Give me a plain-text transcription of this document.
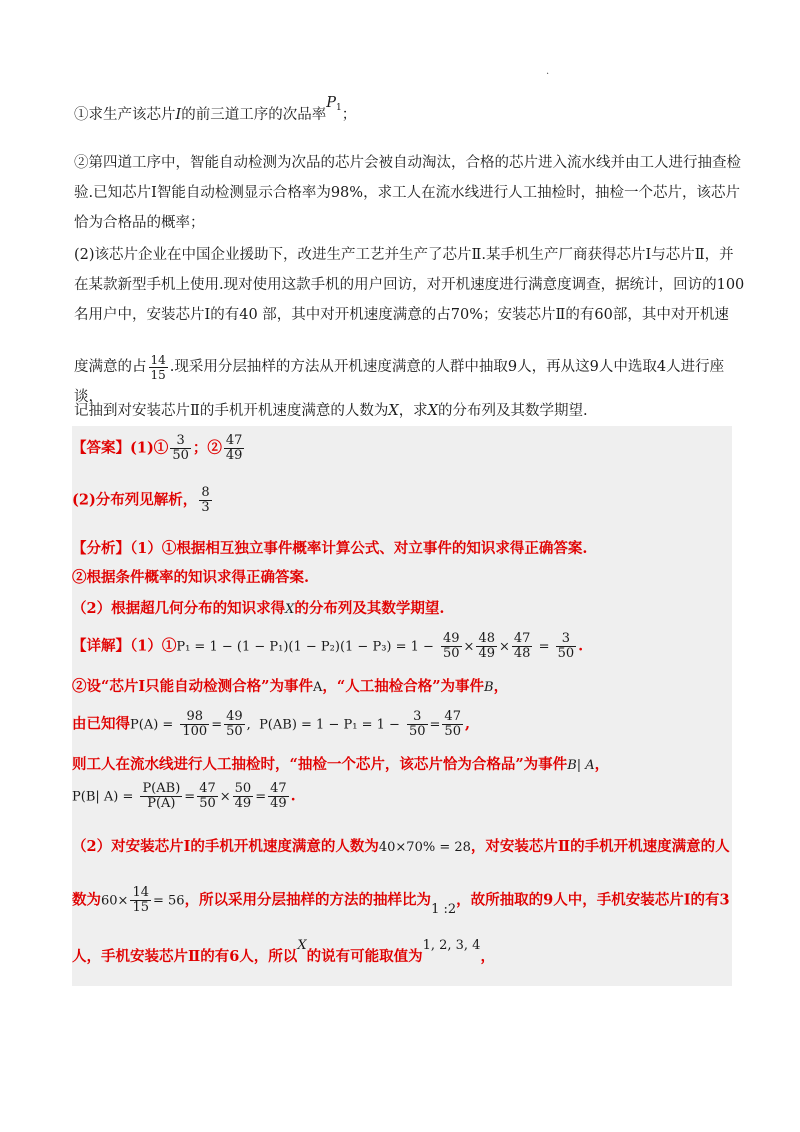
.
①求生产该芯片I的前三道工序的次品率$P_1$；
②第四道工序中，智能自动检测为次品的芯片会被自动淘汰，合格的芯片进入流水线并由工人进行抽查检
验.已知芯片Ⅰ智能自动检测显示合格率为98%，求工人在流水线进行人工抽检时，抽检一个芯片，该芯片
恰为合格品的概率；
(2)该芯片企业在中国企业援助下，改进生产工艺并生产了芯片Ⅱ.某手机生产厂商获得芯片Ⅰ与芯片Ⅱ，并
在某款新型手机上使用.现对使用这款手机的用户回访，对开机速度进行满意度调查，据统计，回访的100
名用户中，安装芯片Ⅰ的有40 部，其中对开机速度满意的占70%；安装芯片Ⅱ的有60部，其中对开机速
度满意的占 $\frac{14}{15}$ .现采用分层抽样的方法从开机速度满意的人群中抽取9人，再从这9人中选取4人进行座谈，
记抽到对安装芯片Ⅱ的手机开机速度满意的人数为X，求X的分布列及其数学期望.
【答案】(1)① $\frac{3}{50}$ ；② $\frac{47}{49}$
(2)分布列见解析， $\frac{8}{3}$
【分析】（1）①根据相互独立事件概率计算公式、对立事件的知识求得正确答案.
②根据条件概率的知识求得正确答案.
（2）根据超几何分布的知识求得X的分布列及其数学期望.
【详解】（1）①P₁ = $1 - (1 - P_1)(1 - P_2)(1 - P_3) = 1 - \frac{49}{50} \times \frac{48}{49} \times \frac{47}{48} = \frac{3}{50}$ .
②设“芯片Ⅰ只能自动检测合格”为事件A，“人工抽检合格”为事件B，
由已知得$P(A) = \frac{98}{100} = \frac{49}{50}$ ,  $P(AB) = 1 - P_1 = 1 - \frac{3}{50} = \frac{47}{50}$ ,
则工人在流水线进行人工抽检时，“抽检一个芯片，该芯片恰为合格品”为事件B| A，
P(B| $A) = \frac{P(AB)}{P(A)} = \frac{47}{50} \times \frac{50}{49} = \frac{47}{49}$ .
（2）对安装芯片Ⅰ的手机开机速度满意的人数为40×70% = 28，对安装芯片Ⅱ的手机开机速度满意的人
数为$60\times \frac{14}{15} = 56$，所以采用分层抽样的方法的抽样比为1 :2，故所抽取的9人中，手机安装芯片Ⅰ的有3
人，手机安装芯片Ⅱ的有6人，所以X的说有可能取值为1, 2, 3, 4，
